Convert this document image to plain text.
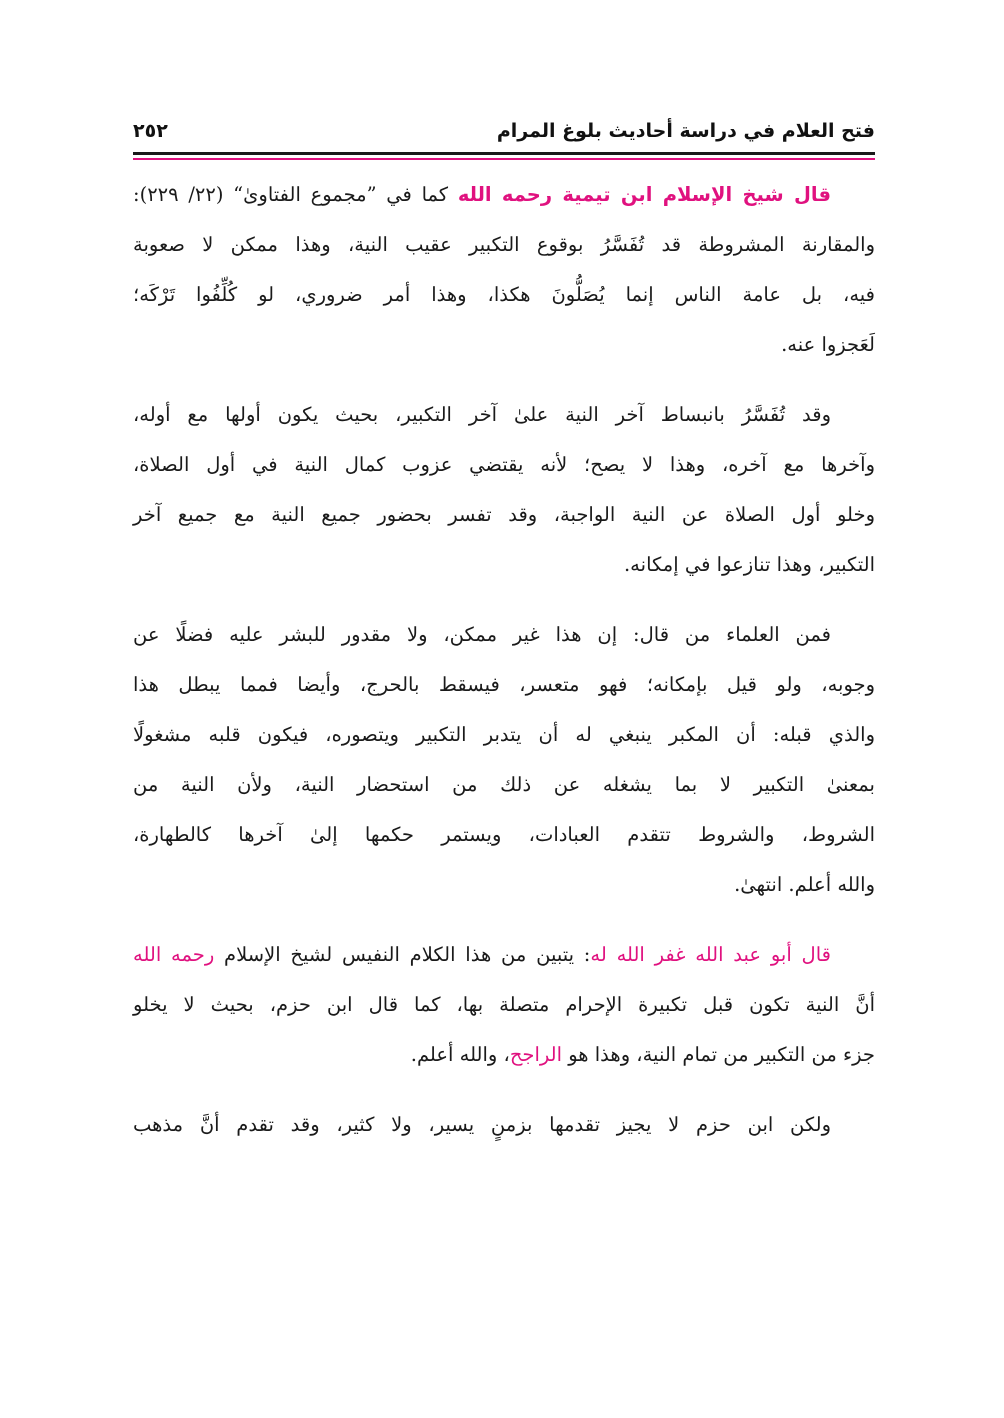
فتح العلام في دراسة أحاديث بلوغ المرام
٢٥٢
قال شيخ الإسلام ابن تيمية رحمه الله كما في ”مجموع الفتاوىٰ“ (٢٢/ ٢٢٩):
والمقارنة المشروطة قد تُفَسَّرُ بوقوع التكبير عقيب النية، وهذا ممكن لا صعوبة
فيه، بل عامة الناس إنما يُصَلُّونَ هكذا، وهذا أمر ضروري، لو كُلِّفُوا تَرْكَه؛
لَعَجزوا عنه.
وقد تُفَسَّرُ بانبساط آخر النية علىٰ آخر التكبير، بحيث يكون أولها مع أوله،
وآخرها مع آخره، وهذا لا يصح؛ لأنه يقتضي عزوب كمال النية في أول الصلاة،
وخلو أول الصلاة عن النية الواجبة، وقد تفسر بحضور جميع النية مع جميع آخر
التكبير، وهذا تنازعوا في إمكانه.
فمن العلماء من قال: إن هذا غير ممكن، ولا مقدور للبشر عليه فضلًا عن
وجوبه، ولو قيل بإمكانه؛ فهو متعسر، فيسقط بالحرج، وأيضا فمما يبطل هذا
والذي قبله: أن المكبر ينبغي له أن يتدبر التكبير ويتصوره، فيكون قلبه مشغولًا
بمعنىٰ التكبير لا بما يشغله عن ذلك من استحضار النية، ولأن النية من
الشروط، والشروط تتقدم العبادات، ويستمر حكمها إلىٰ آخرها كالطهارة،
والله أعلم. انتهىٰ.
قال أبو عبد الله غفر الله له: يتبين من هذا الكلام النفيس لشيخ الإسلام رحمه الله
أنَّ النية تكون قبل تكبيرة الإحرام متصلة بها، كما قال ابن حزم، بحيث لا يخلو
جزء من التكبير من تمام النية، وهذا هو الراجح، والله أعلم.
ولكن ابن حزم لا يجيز تقدمها بزمنٍ يسير، ولا كثير، وقد تقدم أنَّ مذهب
